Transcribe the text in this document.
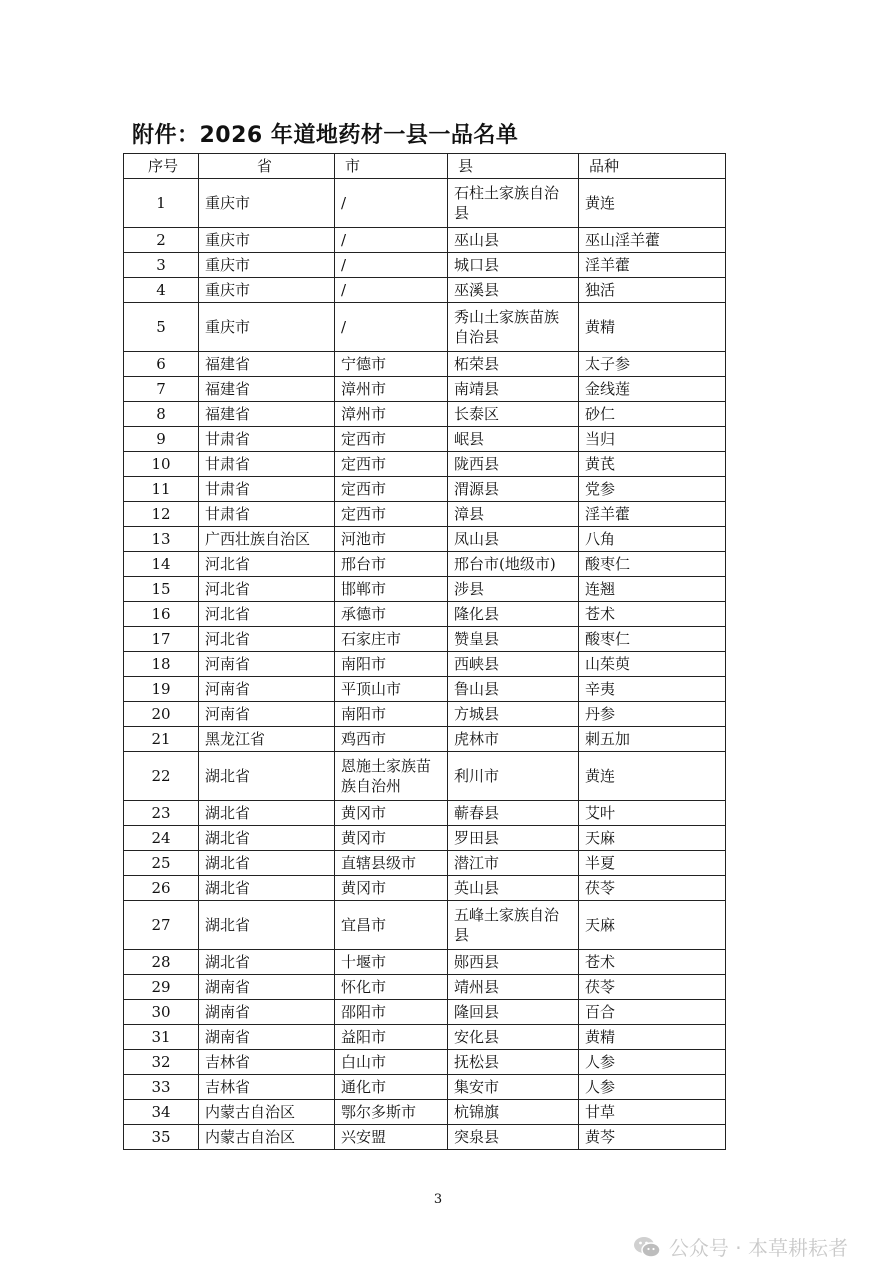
附件：2026 年道地药材一县一品名单
序号	省	市	县	品种
1	重庆市	/	石柱土家族自治县	黄连
2	重庆市	/	巫山县	巫山淫羊藿
3	重庆市	/	城口县	淫羊藿
4	重庆市	/	巫溪县	独活
5	重庆市	/	秀山土家族苗族自治县	黄精
6	福建省	宁德市	柘荣县	太子参
7	福建省	漳州市	南靖县	金线莲
8	福建省	漳州市	长泰区	砂仁
9	甘肃省	定西市	岷县	当归
10	甘肃省	定西市	陇西县	黄芪
11	甘肃省	定西市	渭源县	党参
12	甘肃省	定西市	漳县	淫羊藿
13	广西壮族自治区	河池市	凤山县	八角
14	河北省	邢台市	邢台市(地级市)	酸枣仁
15	河北省	邯郸市	涉县	连翘
16	河北省	承德市	隆化县	苍术
17	河北省	石家庄市	赞皇县	酸枣仁
18	河南省	南阳市	西峡县	山茱萸
19	河南省	平顶山市	鲁山县	辛夷
20	河南省	南阳市	方城县	丹参
21	黑龙江省	鸡西市	虎林市	刺五加
22	湖北省	恩施土家族苗族自治州	利川市	黄连
23	湖北省	黄冈市	蕲春县	艾叶
24	湖北省	黄冈市	罗田县	天麻
25	湖北省	直辖县级市	潜江市	半夏
26	湖北省	黄冈市	英山县	茯苓
27	湖北省	宜昌市	五峰土家族自治县	天麻
28	湖北省	十堰市	郧西县	苍术
29	湖南省	怀化市	靖州县	茯苓
30	湖南省	邵阳市	隆回县	百合
31	湖南省	益阳市	安化县	黄精
32	吉林省	白山市	抚松县	人参
33	吉林省	通化市	集安市	人参
34	内蒙古自治区	鄂尔多斯市	杭锦旗	甘草
35	内蒙古自治区	兴安盟	突泉县	黄芩
3
公众号 · 本草耕耘者
